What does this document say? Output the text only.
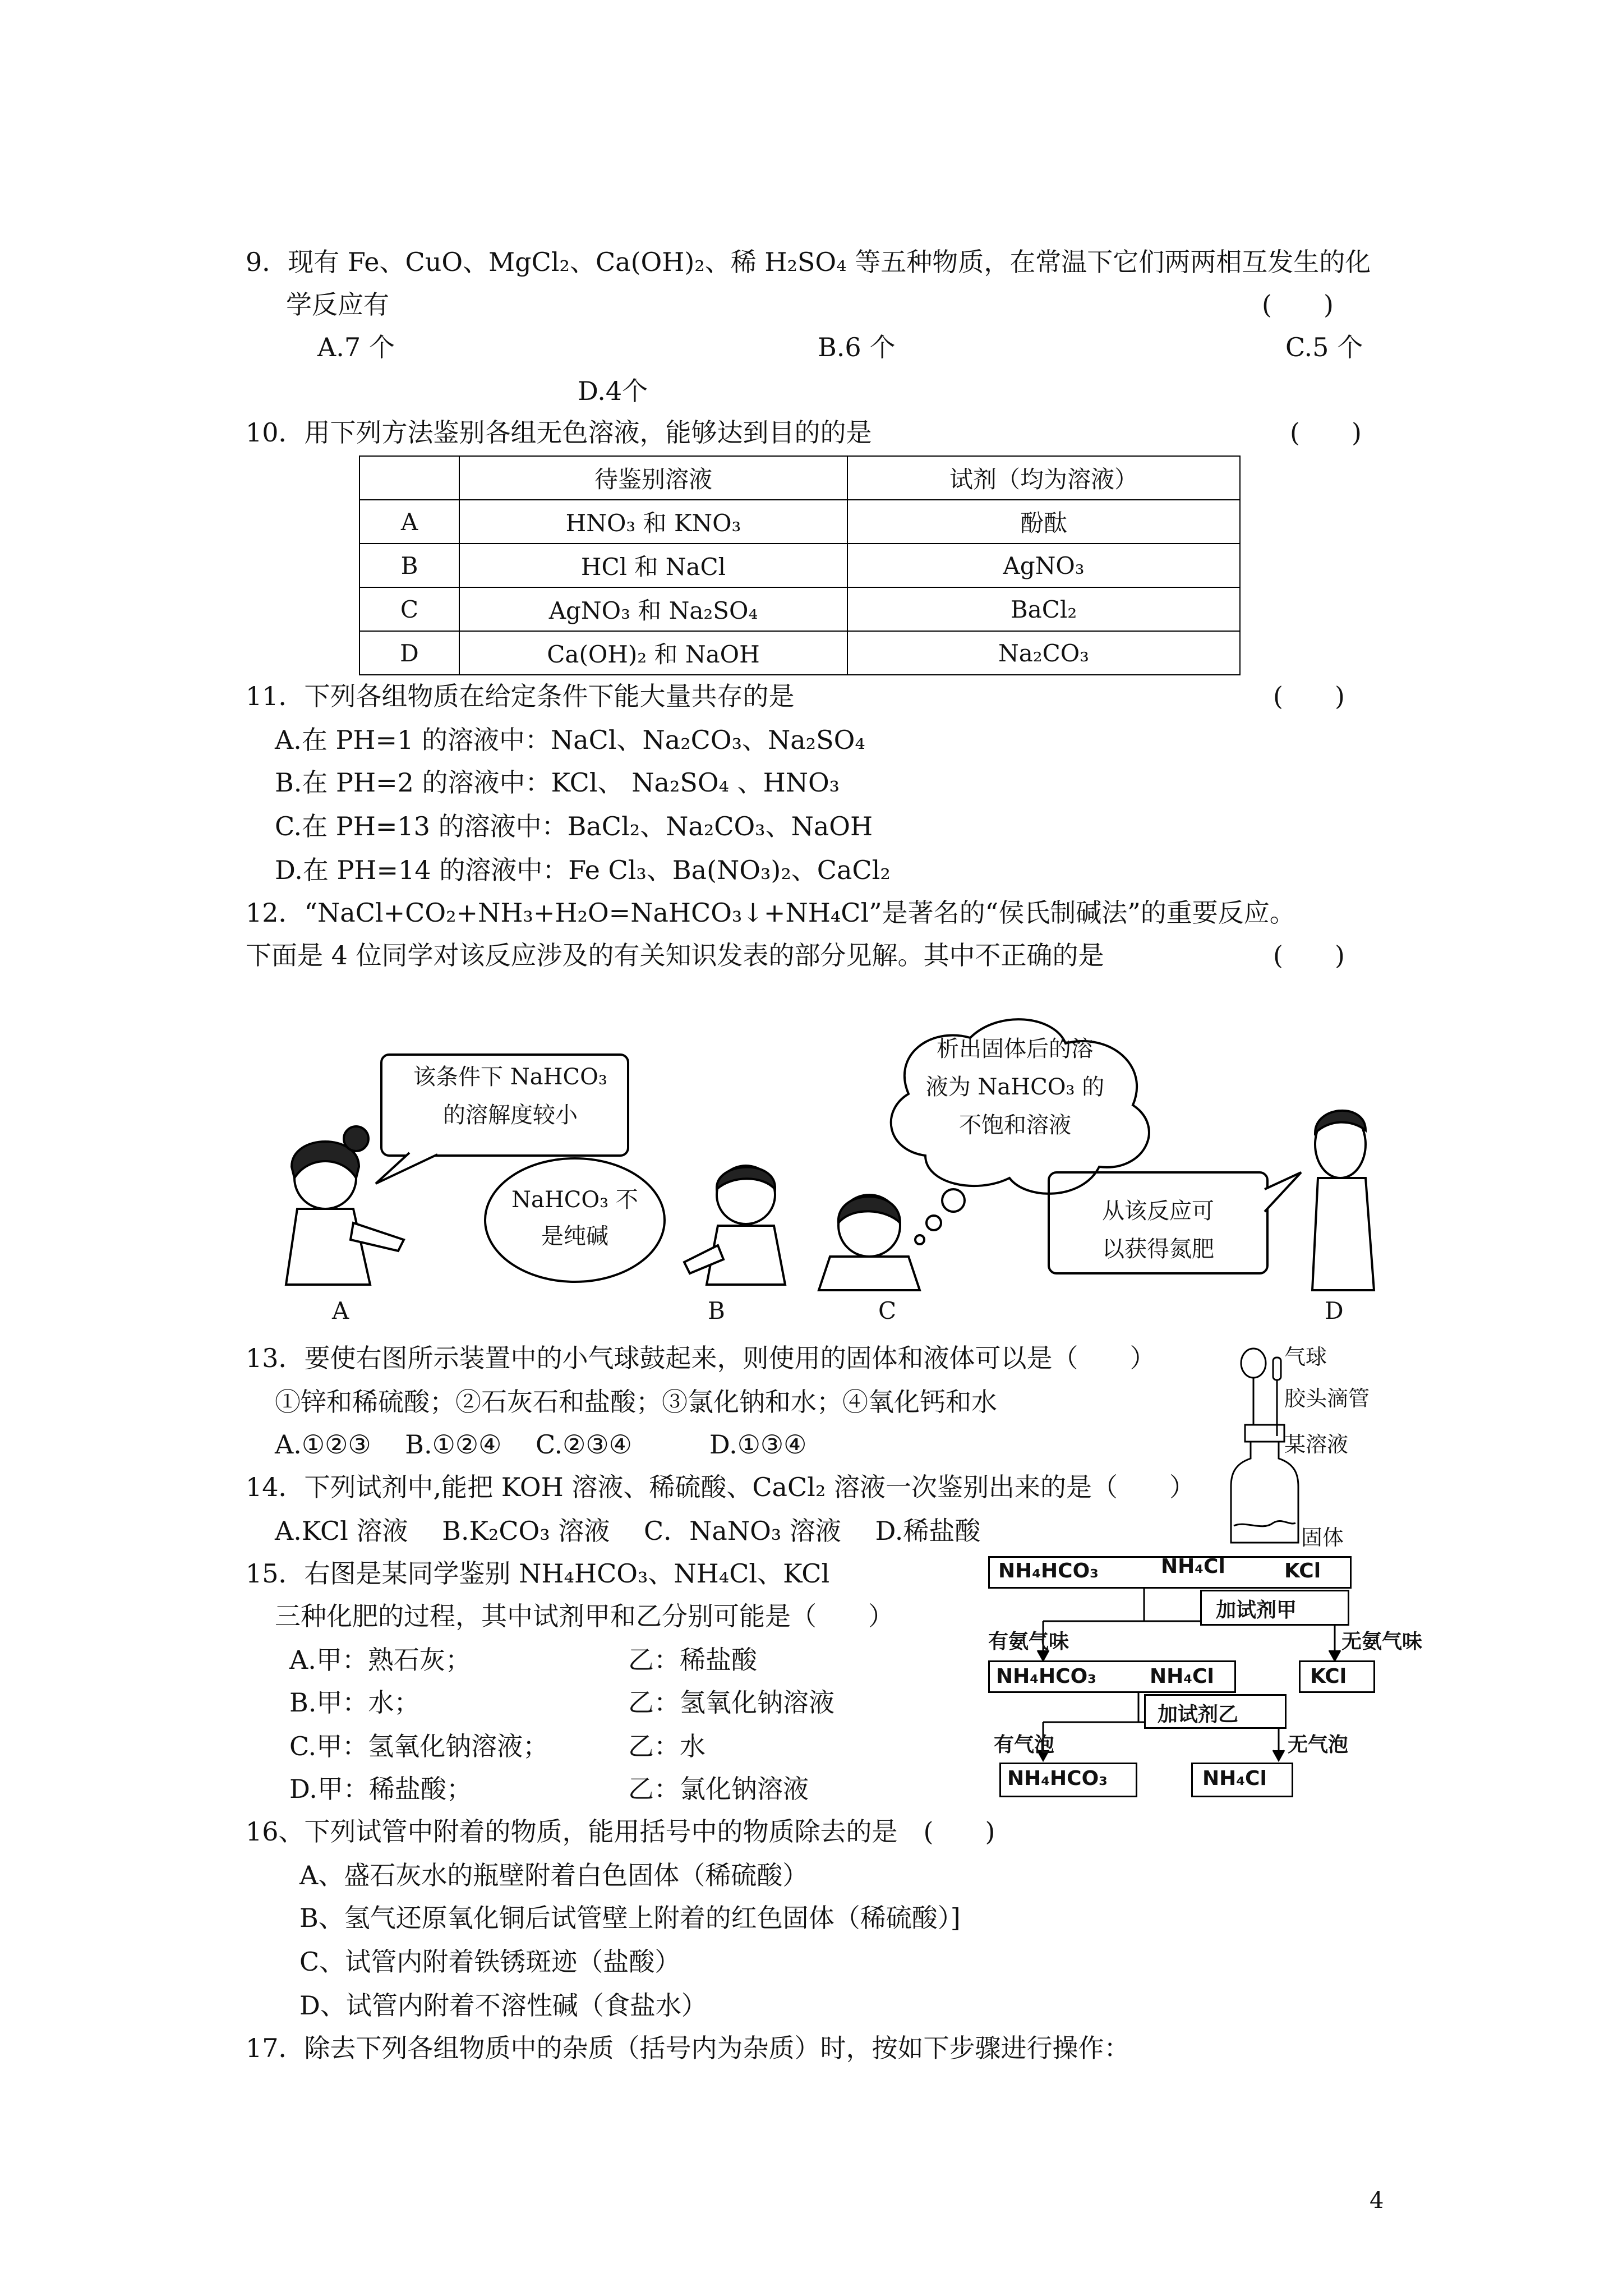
9．现有 Fe、CuO、MgCl₂、Ca(OH)₂、稀 H₂SO₄ 等五种物质，在常温下它们两两相互发生的化
学反应有	(　　)
A.7 个	B.6 个	C.5 个
D.4个
10．用下列方法鉴别各组无色溶液，能够达到目的的是	(　　)
	待鉴别溶液	试剂（均为溶液）
A	HNO₃ 和 KNO₃	酚酞
B	HCl 和 NaCl	AgNO₃
C	AgNO₃ 和 Na₂SO₄	BaCl₂
D	Ca(OH)₂ 和 NaOH	Na₂CO₃
11．下列各组物质在给定条件下能大量共存的是	(　　)
A.在 PH=1 的溶液中：NaCl、Na₂CO₃、Na₂SO₄
B.在 PH=2 的溶液中：KCl、 Na₂SO₄ 、HNO₃
C.在 PH=13 的溶液中：BaCl₂、Na₂CO₃、NaOH
D.在 PH=14 的溶液中：Fe Cl₃、Ba(NO₃)₂、CaCl₂
12．“NaCl+CO₂+NH₃+H₂O=NaHCO₃↓+NH₄Cl”是著名的“侯氏制碱法”的重要反应。
下面是 4 位同学对该反应涉及的有关知识发表的部分见解。其中不正确的是	(　　)
该条件下 NaHCO₃
的溶解度较小
NaHCO₃ 不
是纯碱
析出固体后的溶
液为 NaHCO₃ 的
不饱和溶液
从该反应可
以获得氮肥
A	B	C	D
13．要使右图所示装置中的小气球鼓起来，则使用的固体和液体可以是（　　）
①锌和稀硫酸；②石灰石和盐酸；③氯化钠和水；④氧化钙和水
A.①②③　 B.①②④　 C.②③④　　　D.①③④
气球
胶头滴管
某溶液
固体
14．下列试剂中,能把 KOH 溶液、稀硫酸、CaCl₂ 溶液一次鉴别出来的是（　　）
A.KCl 溶液　 B.K₂CO₃ 溶液　 C．NaNO₃ 溶液　 D.稀盐酸
15．右图是某同学鉴别 NH₄HCO₃、NH₄Cl、KCl
三种化肥的过程，其中试剂甲和乙分别可能是（　　）
A.甲：熟石灰；	乙：稀盐酸
B.甲：水；	乙：氢氧化钠溶液
C.甲：氢氧化钠溶液；	乙：水
D.甲：稀盐酸；	乙：氯化钠溶液
NH₄HCO₃	NH₄Cl	KCl
加试剂甲
有氨气味	无氨气味
NH₄HCO₃	NH₄Cl	KCl
加试剂乙
有气泡	无气泡
NH₄HCO₃	NH₄Cl
16、下列试管中附着的物质，能用括号中的物质除去的是　(　　)
A、盛石灰水的瓶壁附着白色固体（稀硫酸）
B、氢气还原氧化铜后试管壁上附着的红色固体（稀硫酸）]
C、试管内附着铁锈斑迹（盐酸）
D、试管内附着不溶性碱（食盐水）
17．除去下列各组物质中的杂质（括号内为杂质）时，按如下步骤进行操作：
4
